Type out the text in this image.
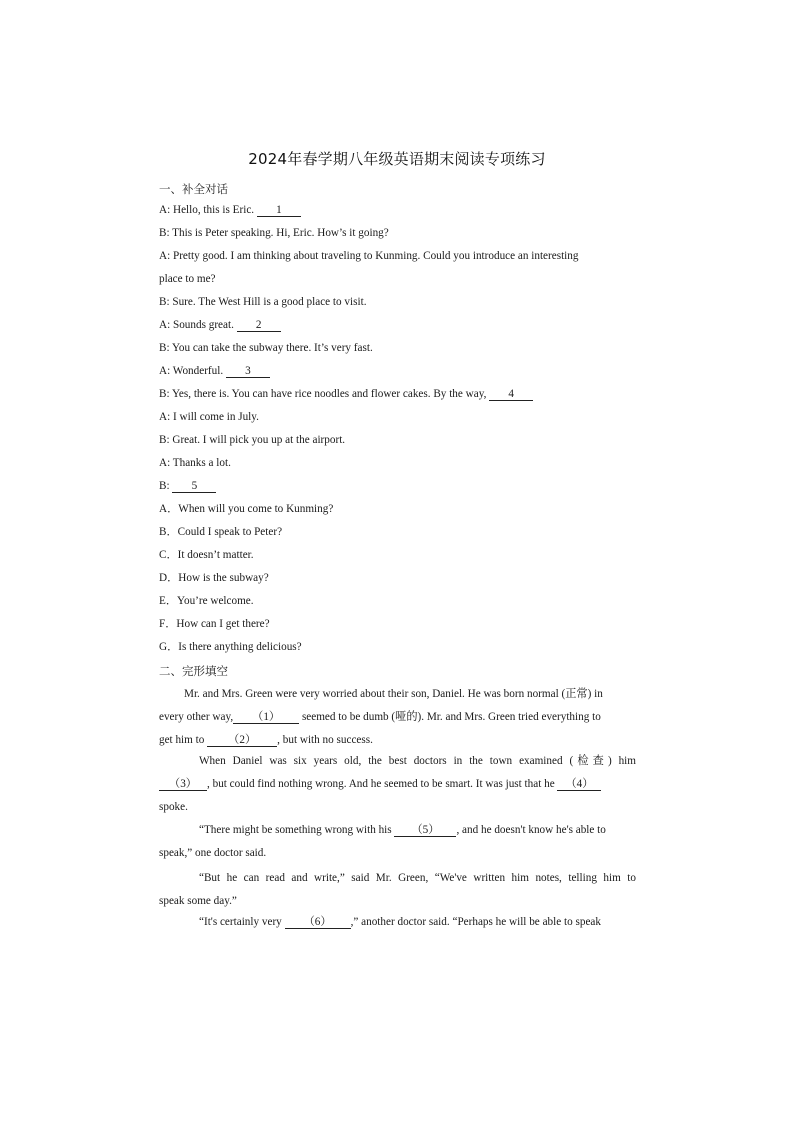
2024年春学期八年级英语期末阅读专项练习
一、补全对话
A: Hello, this is Eric. 1
B: This is Peter speaking. Hi, Eric. How’s it going?
A: Pretty good. I am thinking about traveling to Kunming. Could you introduce an interesting
place to me?
B: Sure. The West Hill is a good place to visit.
A: Sounds great. 2
B: You can take the subway there. It’s very fast.
A: Wonderful. 3
B: Yes, there is. You can have rice noodles and flower cakes. By the way, 4
A: I will come in July.
B: Great. I will pick you up at the airport.
A: Thanks a lot.
B: 5
A．When will you come to Kunming?
B．Could I speak to Peter?
C．It doesn’t matter.
D．How is the subway?
E．You’re welcome.
F．How can I get there?
G．Is there anything delicious?
二、完形填空
Mr. and Mrs. Green were very worried about their son, Daniel. He was born normal (正常) in
every other way, （1） seemed to be dumb (哑的). Mr. and Mrs. Green tried everything to
get him to （2） , but with no success.
When Daniel was six years old, the best doctors in the town examined (检查) him
（3） , but could find nothing wrong. And he seemed to be smart. It was just that he （4）
spoke.
“There might be something wrong with his （5） , and he doesn't know he's able to
speak,” one doctor said.
“But he can read and write,” said Mr. Green, “We've written him notes, telling him to
speak some day.”
“It's certainly very （6） ,” another doctor said. “Perhaps he will be able to speak
